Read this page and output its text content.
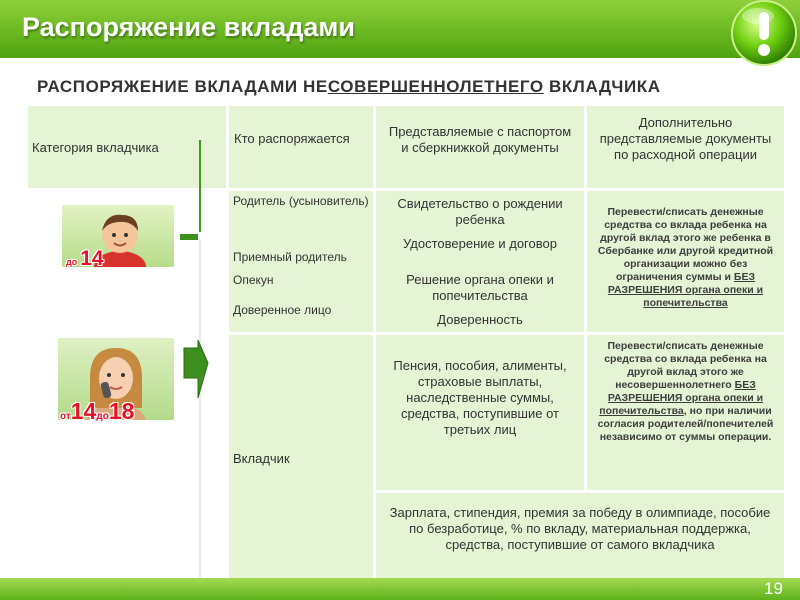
Распоряжение вкладами
РАСПОРЯЖЕНИЕ ВКЛАДАМИ НЕСОВЕРШЕННОЛЕТНЕГО ВКЛАДЧИКА
Категория вкладчика
Кто распоряжается	Представляемые с паспортом и сберкнижкой документы
Дополнительно представляемые документы по расходной операции
до 14
от14до18
Родитель (усыновитель)
Приемный родитель
Опекун
Доверенное лицо
Свидетельство о рождении ребенка
Удостоверение и договор
Решение органа опеки и попечительства
Доверенность
Перевести/списать денежные средства со вклада ребенка на другой вклад этого же ребенка в Сбербанке или другой кредитной организации можно без ограничения суммы и БЕЗ РАЗРЕШЕНИЯ органа опеки и попечительства
Вкладчик
Пенсия, пособия, алименты, страховые выплаты, наследственные суммы, средства, поступившие от третьих лиц
Перевести/списать денежные средства со вклада ребенка на другой вклад этого же несовершеннолетнего БЕЗ РАЗРЕШЕНИЯ органа опеки и попечительства, но при наличии согласия родителей/попечителей независимо от суммы операции.
Зарплата, стипендия, премия за победу в олимпиаде, пособие по безработице, % по вкладу, материальная поддержка, средства, поступившие от самого вкладчика
19
